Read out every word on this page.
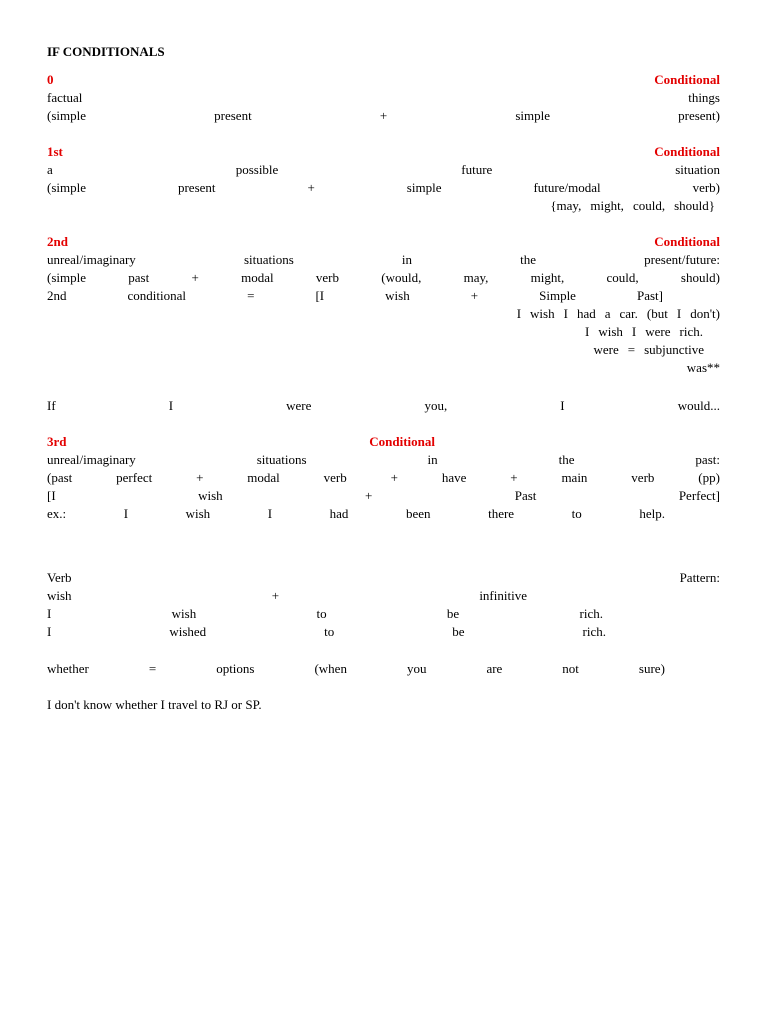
IF CONDITIONALS
0	Conditional
factual	things
(simple	present	+	simple	present)
1st	Conditional
a	possible	future	situation
(simple	present	+	simple	future/modal	verb)
{may, might, could, should}
2nd	Conditional
unreal/imaginary	situations	in	the	present/future:
(simple	past	+	modal	verb	(would,	may,	might,	could,	should)
2nd	conditional	=	[I	wish	+	Simple	Past]
I wish I had a car. (but I don't)
I wish I were rich.
were = subjunctive
was**
If	I	were	you,	I	would...
3rd	Conditional
unreal/imaginary	situations	in	the	past:
(past	perfect	+	modal	verb	+	have	+	main	verb	(pp)
[I	wish	+	Past	Perfect]
ex.:	I	wish	I	had	been	there	to	help.
Verb	Pattern:
wish	+	infinitive
I	wish	to	be	rich.
I	wished	to	be	rich.
whether	=	options	(when	you	are	not	sure)
I don't know whether I travel to RJ or SP.
